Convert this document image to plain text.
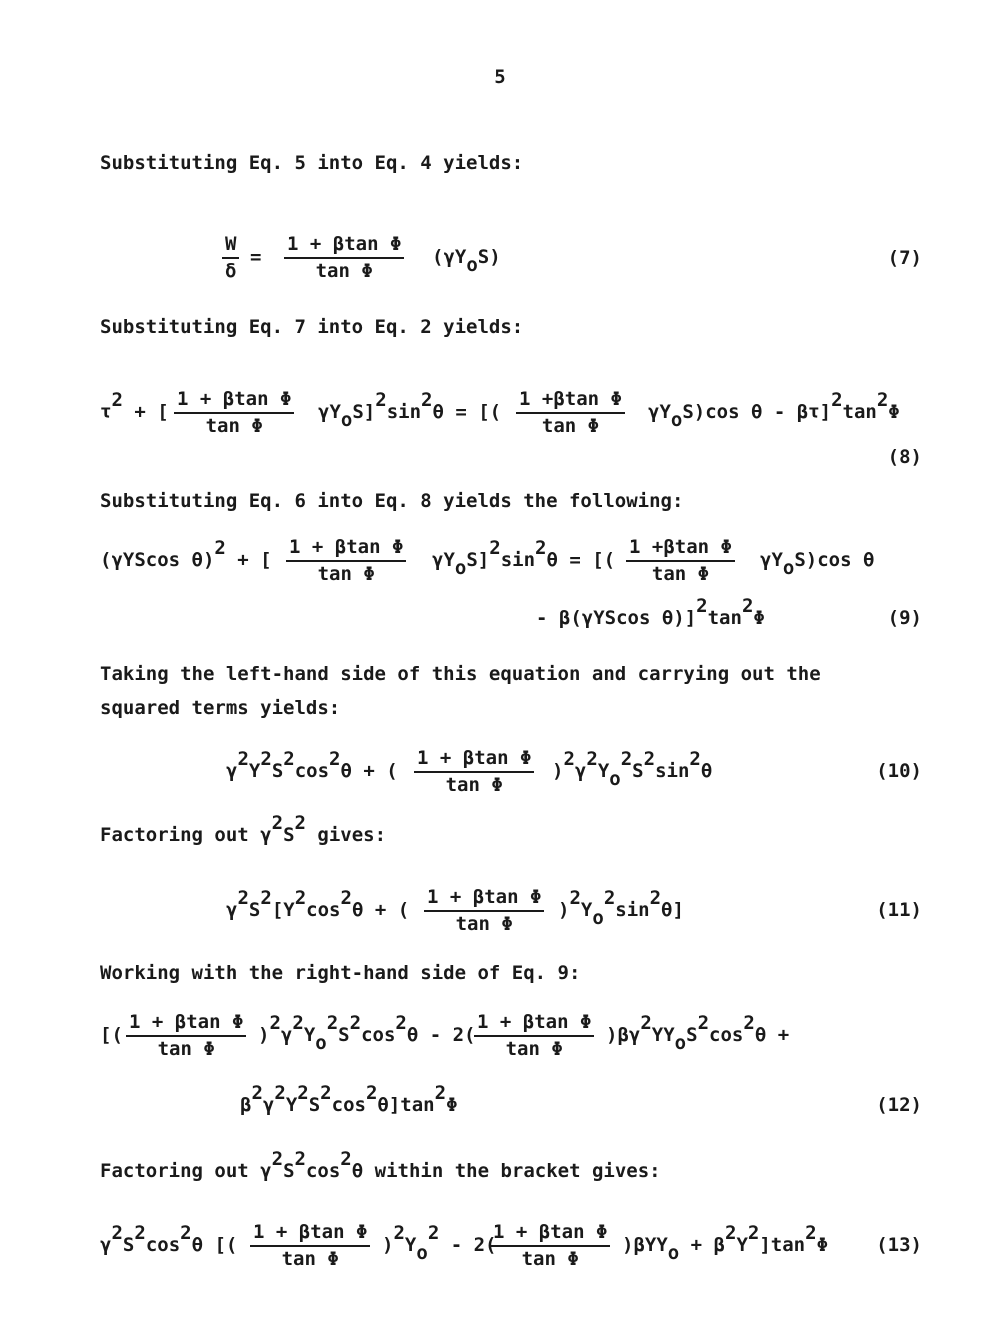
5
Substituting Eq. 5 into Eq. 4 yields:
$\frac{W}{\delta} = \frac{\text{1 + βtan Φ}}{\text{tan Φ}} (\gamma Y_oS)$	(7)
Substituting Eq. 7 into Eq. 2 yields:
$\tau^2$ + [ $\frac{\text{1 + βtan Φ}}{\text{tan Φ}} \gamma Y_oS]^2\sin^2\theta$ = [( $\frac{\text{1 +βtan Φ}}{\text{tan Φ}} \gamma Y_oS)\cos$ θ - $\beta\tau]^2\tan^2\Phi$
(8)
Substituting Eq. 6 into Eq. 8 yields the following:
(γYScos θ)$^2$ + [ $\frac{\text{1 + βtan Φ}}{\text{tan Φ}} \gamma Y_oS]^2\sin^2\theta$ = [( $\frac{\text{1 +βtan Φ}}{\text{tan Φ}} \gamma Y_oS)\cos$ θ
- β(γYScos $\theta)]^2\tan^2\Phi$	(9)
Taking the left-hand side of this equation and carrying out the
squared terms yields:
$\gamma^2Y^2S^2\cos^2\theta$ + ( $\frac{\text{1 + βtan Φ}}{\text{tan Φ}} )^2\gamma^2Y_o^2S^2\sin^2\theta$	(10)
Factoring out $\gamma^2S^2$ gives:
$\gamma^2S^2[Y^2\cos^2\theta$ + ( $\frac{\text{1 + βtan Φ}}{\text{tan Φ}} )^2Y_o^2\sin^2\theta$]	(11)
Working with the right-hand side of Eq. 9:
[( $\frac{\text{1 + βtan Φ}}{\text{tan Φ}} )^2\gamma^2Y_o^2S^2\cos^2\theta - 2$(
$\frac{\text{1 + βtan Φ}}{\text{tan Φ}} )\beta\gamma^2YY_oS^2\cos^2\theta$ +
$\beta^2\gamma^2Y^2S^2\cos^2\theta]\tan^2\Phi$	(12)
Factoring out $\gamma^2S^2\cos^2\theta$ within the bracket gives:
$\gamma^2S^2\cos^2\theta$ [( $\frac{\text{1 + βtan Φ}}{\text{tan Φ}} )^2Y_o^2 - 2$(
$\frac{\text{1 + βtan Φ}}{\text{tan Φ}} )\beta YY_o + \beta^2Y^2]\tan^2\Phi$	(13)
